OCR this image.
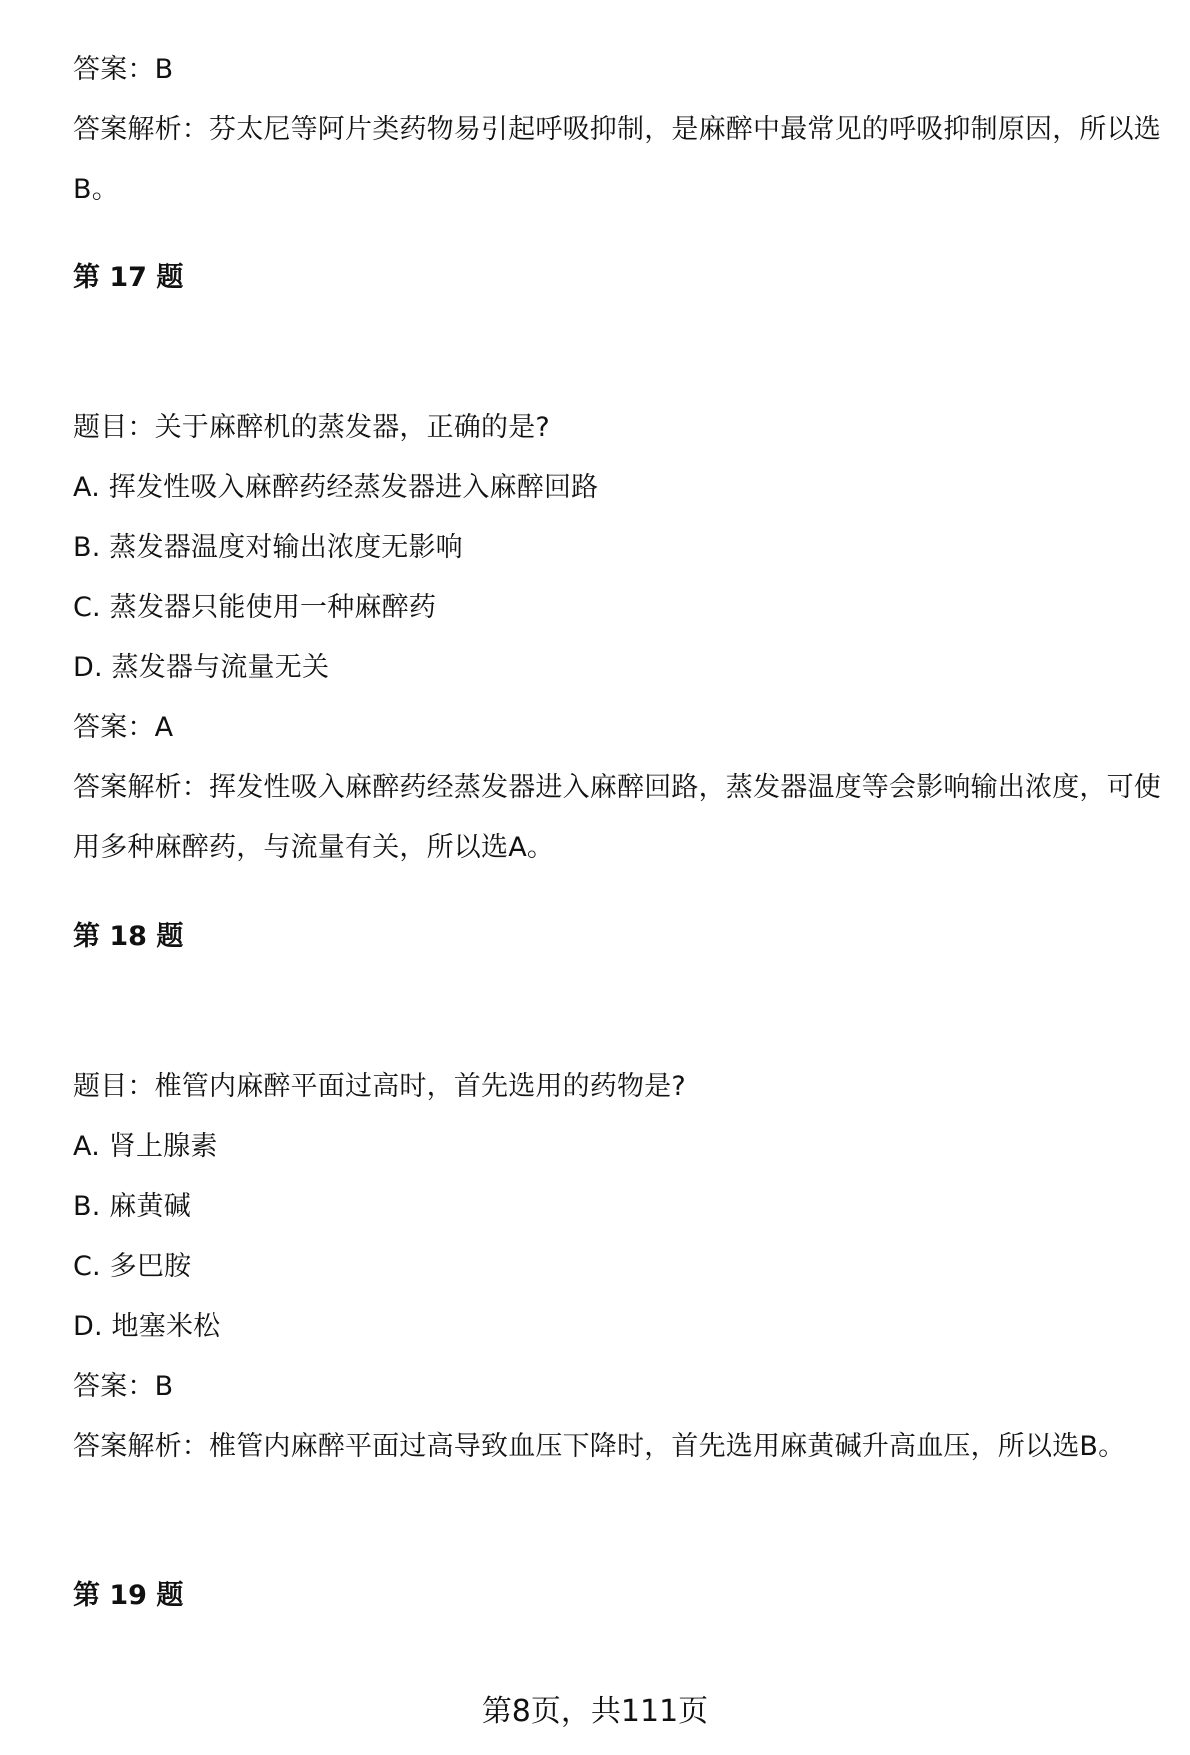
答案：B
答案解析：芬太尼等阿片类药物易引起呼吸抑制，是麻醉中最常见的呼吸抑制原因，所以选B。
第 17 题
题目：关于麻醉机的蒸发器，正确的是?
A. 挥发性吸入麻醉药经蒸发器进入麻醉回路
B. 蒸发器温度对输出浓度无影响
C. 蒸发器只能使用一种麻醉药
D. 蒸发器与流量无关
答案：A
答案解析：挥发性吸入麻醉药经蒸发器进入麻醉回路，蒸发器温度等会影响输出浓度，可使用多种麻醉药，与流量有关，所以选A。
第 18 题
题目：椎管内麻醉平面过高时，首先选用的药物是?
A. 肾上腺素
B. 麻黄碱
C. 多巴胺
D. 地塞米松
答案：B
答案解析：椎管内麻醉平面过高导致血压下降时，首先选用麻黄碱升高血压，所以选B。
第 19 题
第8页，共111页
